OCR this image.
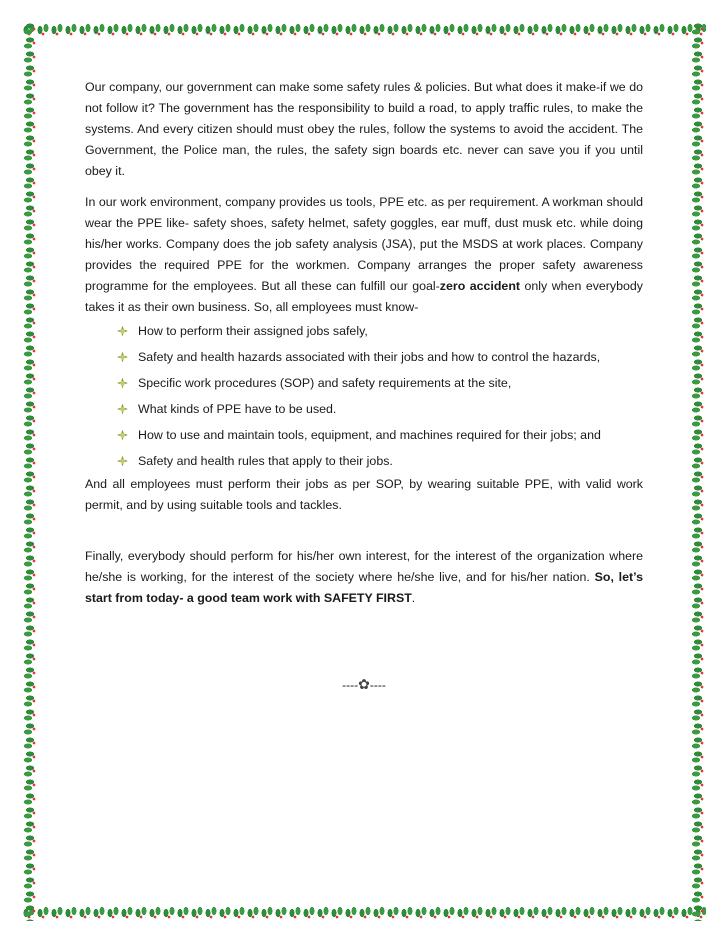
Our company, our government can make some safety rules & policies. But what does it make-if we do not follow it? The government has the responsibility to build a road, to apply traffic rules, to make the systems. And every citizen should must obey the rules, follow the systems to avoid the accident. The Government, the Police man, the rules, the safety sign boards etc. never can save you if you until obey it.

In our work environment, company provides us tools, PPE etc. as per requirement. A workman should wear the PPE like- safety shoes, safety helmet, safety goggles, ear muff, dust musk etc. while doing his/her works. Company does the job safety analysis (JSA), put the MSDS at work places. Company provides the required PPE for the workmen. Company arranges the proper safety awareness programme for the employees. But all these can fulfill our goal-zero accident only when everybody takes it as their own business. So, all employees must know-

How to perform their assigned jobs safely,
Safety and health hazards associated with their jobs and how to control the hazards,
Specific work procedures (SOP) and safety requirements at the site,
What kinds of PPE have to be used.
How to use and maintain tools, equipment, and machines required for their jobs; and
Safety and health rules that apply to their jobs.

And all employees must perform their jobs as per SOP, by wearing suitable PPE, with valid work permit, and by using suitable tools and tackles.

Finally, everybody should perform for his/her own interest, for the interest of the organization where he/she is working, for the interest of the society where he/she live, and for his/her nation. So, let’s start from today- a good team work with SAFETY FIRST.

----✿----
